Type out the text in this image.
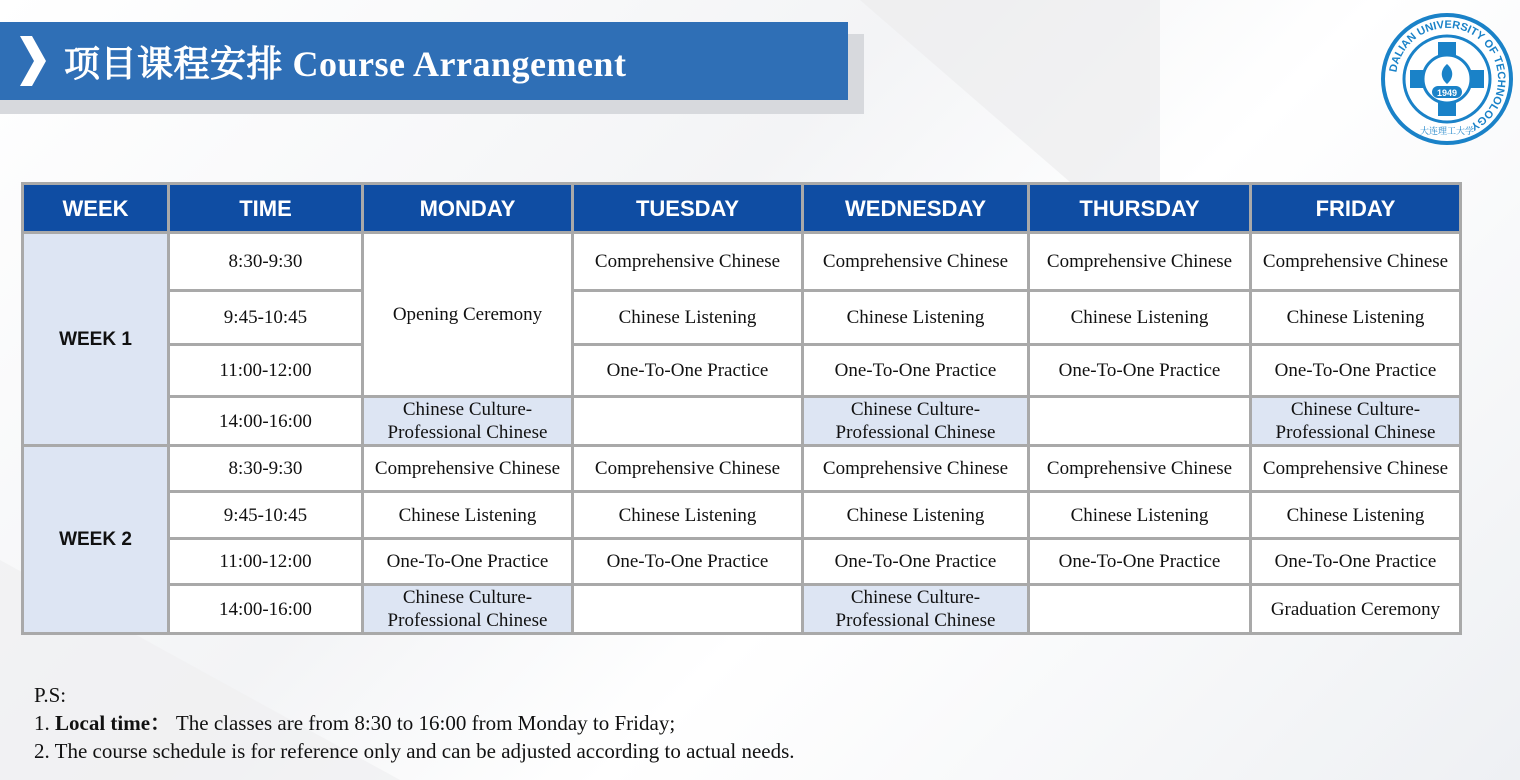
项目课程安排 Course Arrangement	DALIAN UNIVERSITY OF TECHNOLOGY
1949
大连理工大学
WEEK	TIME	MONDAY	TUESDAY	WEDNESDAY	THURSDAY	FRIDAY
WEEK 1	8:30-9:30	Opening Ceremony	Comprehensive Chinese	Comprehensive Chinese	Comprehensive Chinese	Comprehensive Chinese
	9:45-10:45		Chinese Listening	Chinese Listening	Chinese Listening	Chinese Listening
	11:00-12:00		One-To-One Practice	One-To-One Practice	One-To-One Practice	One-To-One Practice
	14:00-16:00	Chinese Culture-Professional Chinese		Chinese Culture-Professional Chinese		Chinese Culture-Professional Chinese
WEEK 2	8:30-9:30	Comprehensive Chinese	Comprehensive Chinese	Comprehensive Chinese	Comprehensive Chinese	Comprehensive Chinese
	9:45-10:45	Chinese Listening	Chinese Listening	Chinese Listening	Chinese Listening	Chinese Listening
	11:00-12:00	One-To-One Practice	One-To-One Practice	One-To-One Practice	One-To-One Practice	One-To-One Practice
	14:00-16:00	Chinese Culture-Professional Chinese		Chinese Culture-Professional Chinese		Graduation Ceremony
P.S:
1. Local time： The classes are from 8:30 to 16:00 from Monday to Friday;
2. The course schedule is for reference only and can be adjusted according to actual needs.
